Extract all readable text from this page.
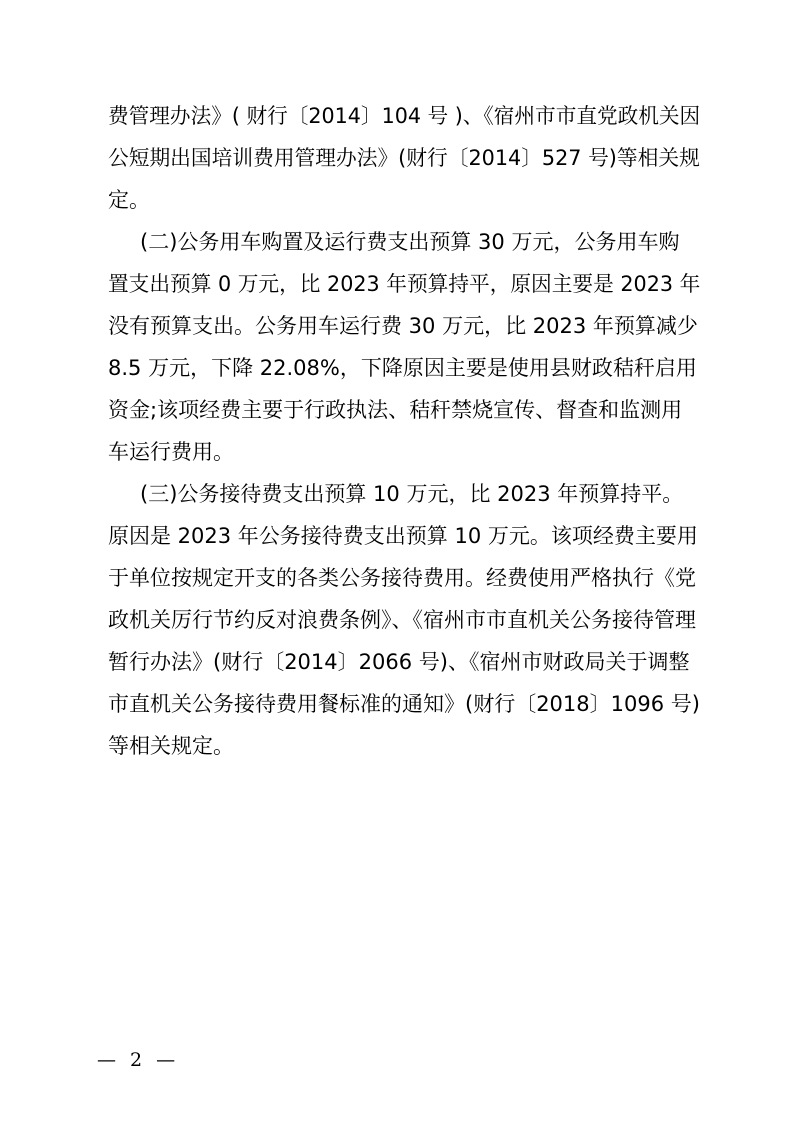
费管理办法》( 财行〔2014〕104 号 )、《宿州市市直党政机关因
公短期出国培训费用管理办法》(财行〔2014〕527 号)等相关规
定。
(二)公务用车购置及运行费支出预算 30 万元，公务用车购
置支出预算 0 万元，比 2023 年预算持平，原因主要是 2023 年
没有预算支出。公务用车运行费 30 万元，比 2023 年预算减少
8.5 万元，下降 22.08%，下降原因主要是使用县财政秸秆启用
资金;该项经费主要于行政执法、秸秆禁烧宣传、督查和监测用
车运行费用。
(三)公务接待费支出预算 10 万元，比 2023 年预算持平。
原因是 2023 年公务接待费支出预算 10 万元。该项经费主要用
于单位按规定开支的各类公务接待费用。经费使用严格执行《党
政机关厉行节约反对浪费条例》、《宿州市市直机关公务接待管理
暂行办法》(财行〔2014〕2066 号)、《宿州市财政局关于调整
市直机关公务接待费用餐标准的通知》(财行〔2018〕1096 号)
等相关规定。
— 2 —
